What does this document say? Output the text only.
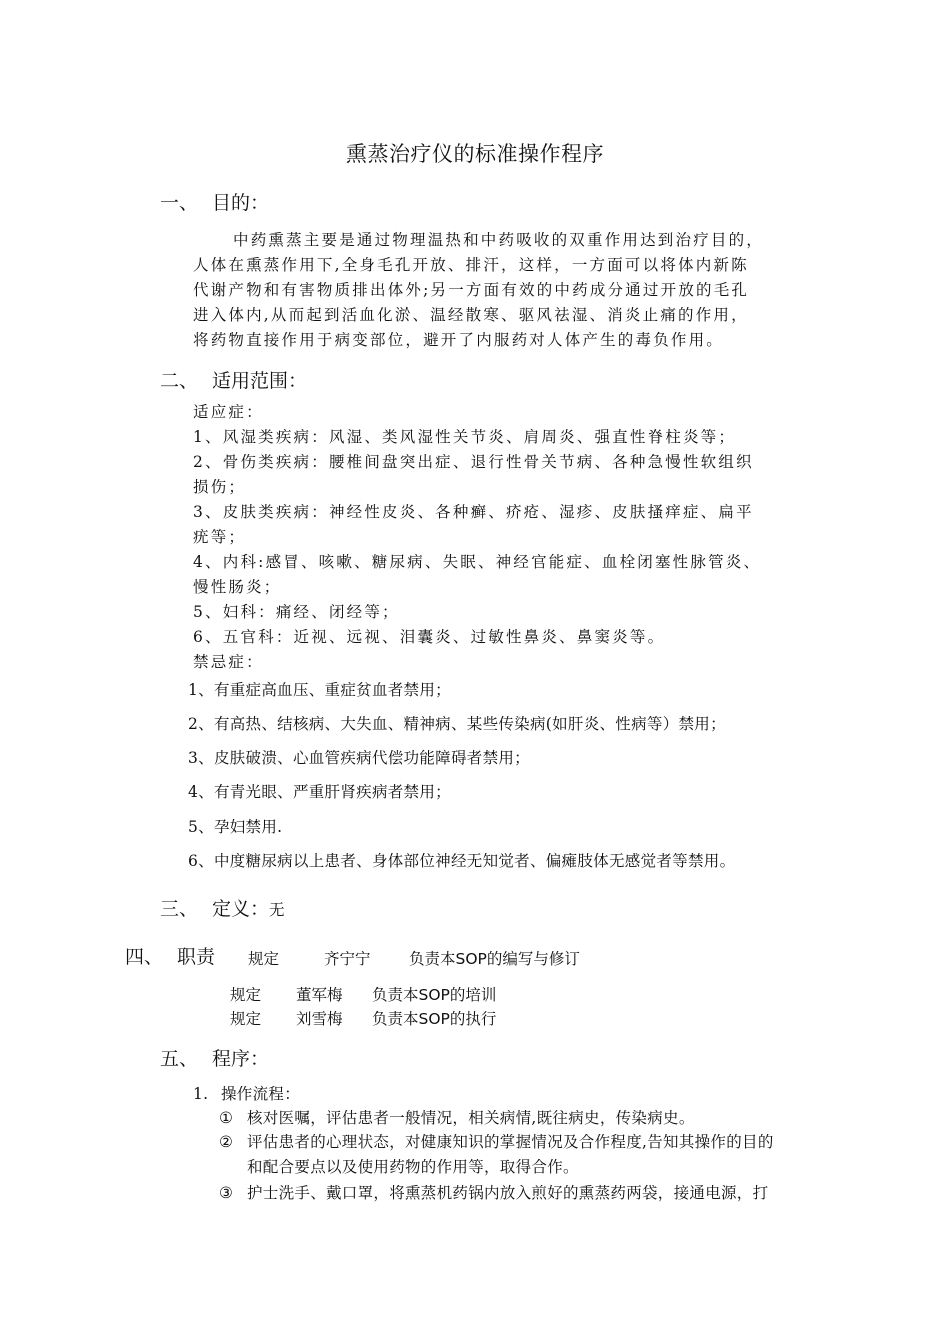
熏蒸治疗仪的标准操作程序
一、 目的：
中药熏蒸主要是通过物理温热和中药吸收的双重作用达到治疗目的，
人体在熏蒸作用下,全身毛孔开放、排汗，这样，一方面可以将体内新陈
代谢产物和有害物质排出体外;另一方面有效的中药成分通过开放的毛孔
进入体内,从而起到活血化淤、温经散寒、驱风祛湿、消炎止痛的作用，
将药物直接作用于病变部位，避开了内服药对人体产生的毒负作用。
二、 适用范围：
适应症：
1、风湿类疾病：风湿、类风湿性关节炎、肩周炎、强直性脊柱炎等；
2、骨伤类疾病：腰椎间盘突出症、退行性骨关节病、各种急慢性软组织
损伤；
3、皮肤类疾病：神经性皮炎、各种癣、疥疮、湿疹、皮肤搔痒症、扁平
疣等；
4、内科:感冒、咳嗽、糖尿病、失眠、神经官能症、血栓闭塞性脉管炎、
慢性肠炎；
5、妇科：痛经、闭经等；
6、五官科：近视、远视、泪囊炎、过敏性鼻炎、鼻窦炎等。
禁忌症：
1、有重症高血压、重症贫血者禁用；
2、有高热、结核病、大失血、精神病、某些传染病(如肝炎、性病等）禁用；
3、皮肤破溃、心血管疾病代偿功能障碍者禁用；
4、有青光眼、严重肝肾疾病者禁用；
5、孕妇禁用.
6、中度糖尿病以上患者、身体部位神经无知觉者、偏瘫肢体无感觉者等禁用。
三、 定义：无
四、 职责 规定	齐宁宁 负责本SOP的编写与修订
规定 董军梅 负责本SOP的培训
规定 刘雪梅 负责本SOP的执行
五、 程序：
1. 操作流程：
① 核对医嘱，评估患者一般情况，相关病情,既往病史，传染病史。
② 评估患者的心理状态，对健康知识的掌握情况及合作程度,告知其操作的目的
和配合要点以及使用药物的作用等，取得合作。
③ 护士洗手、戴口罩，将熏蒸机药锅内放入煎好的熏蒸药两袋，接通电源，打
